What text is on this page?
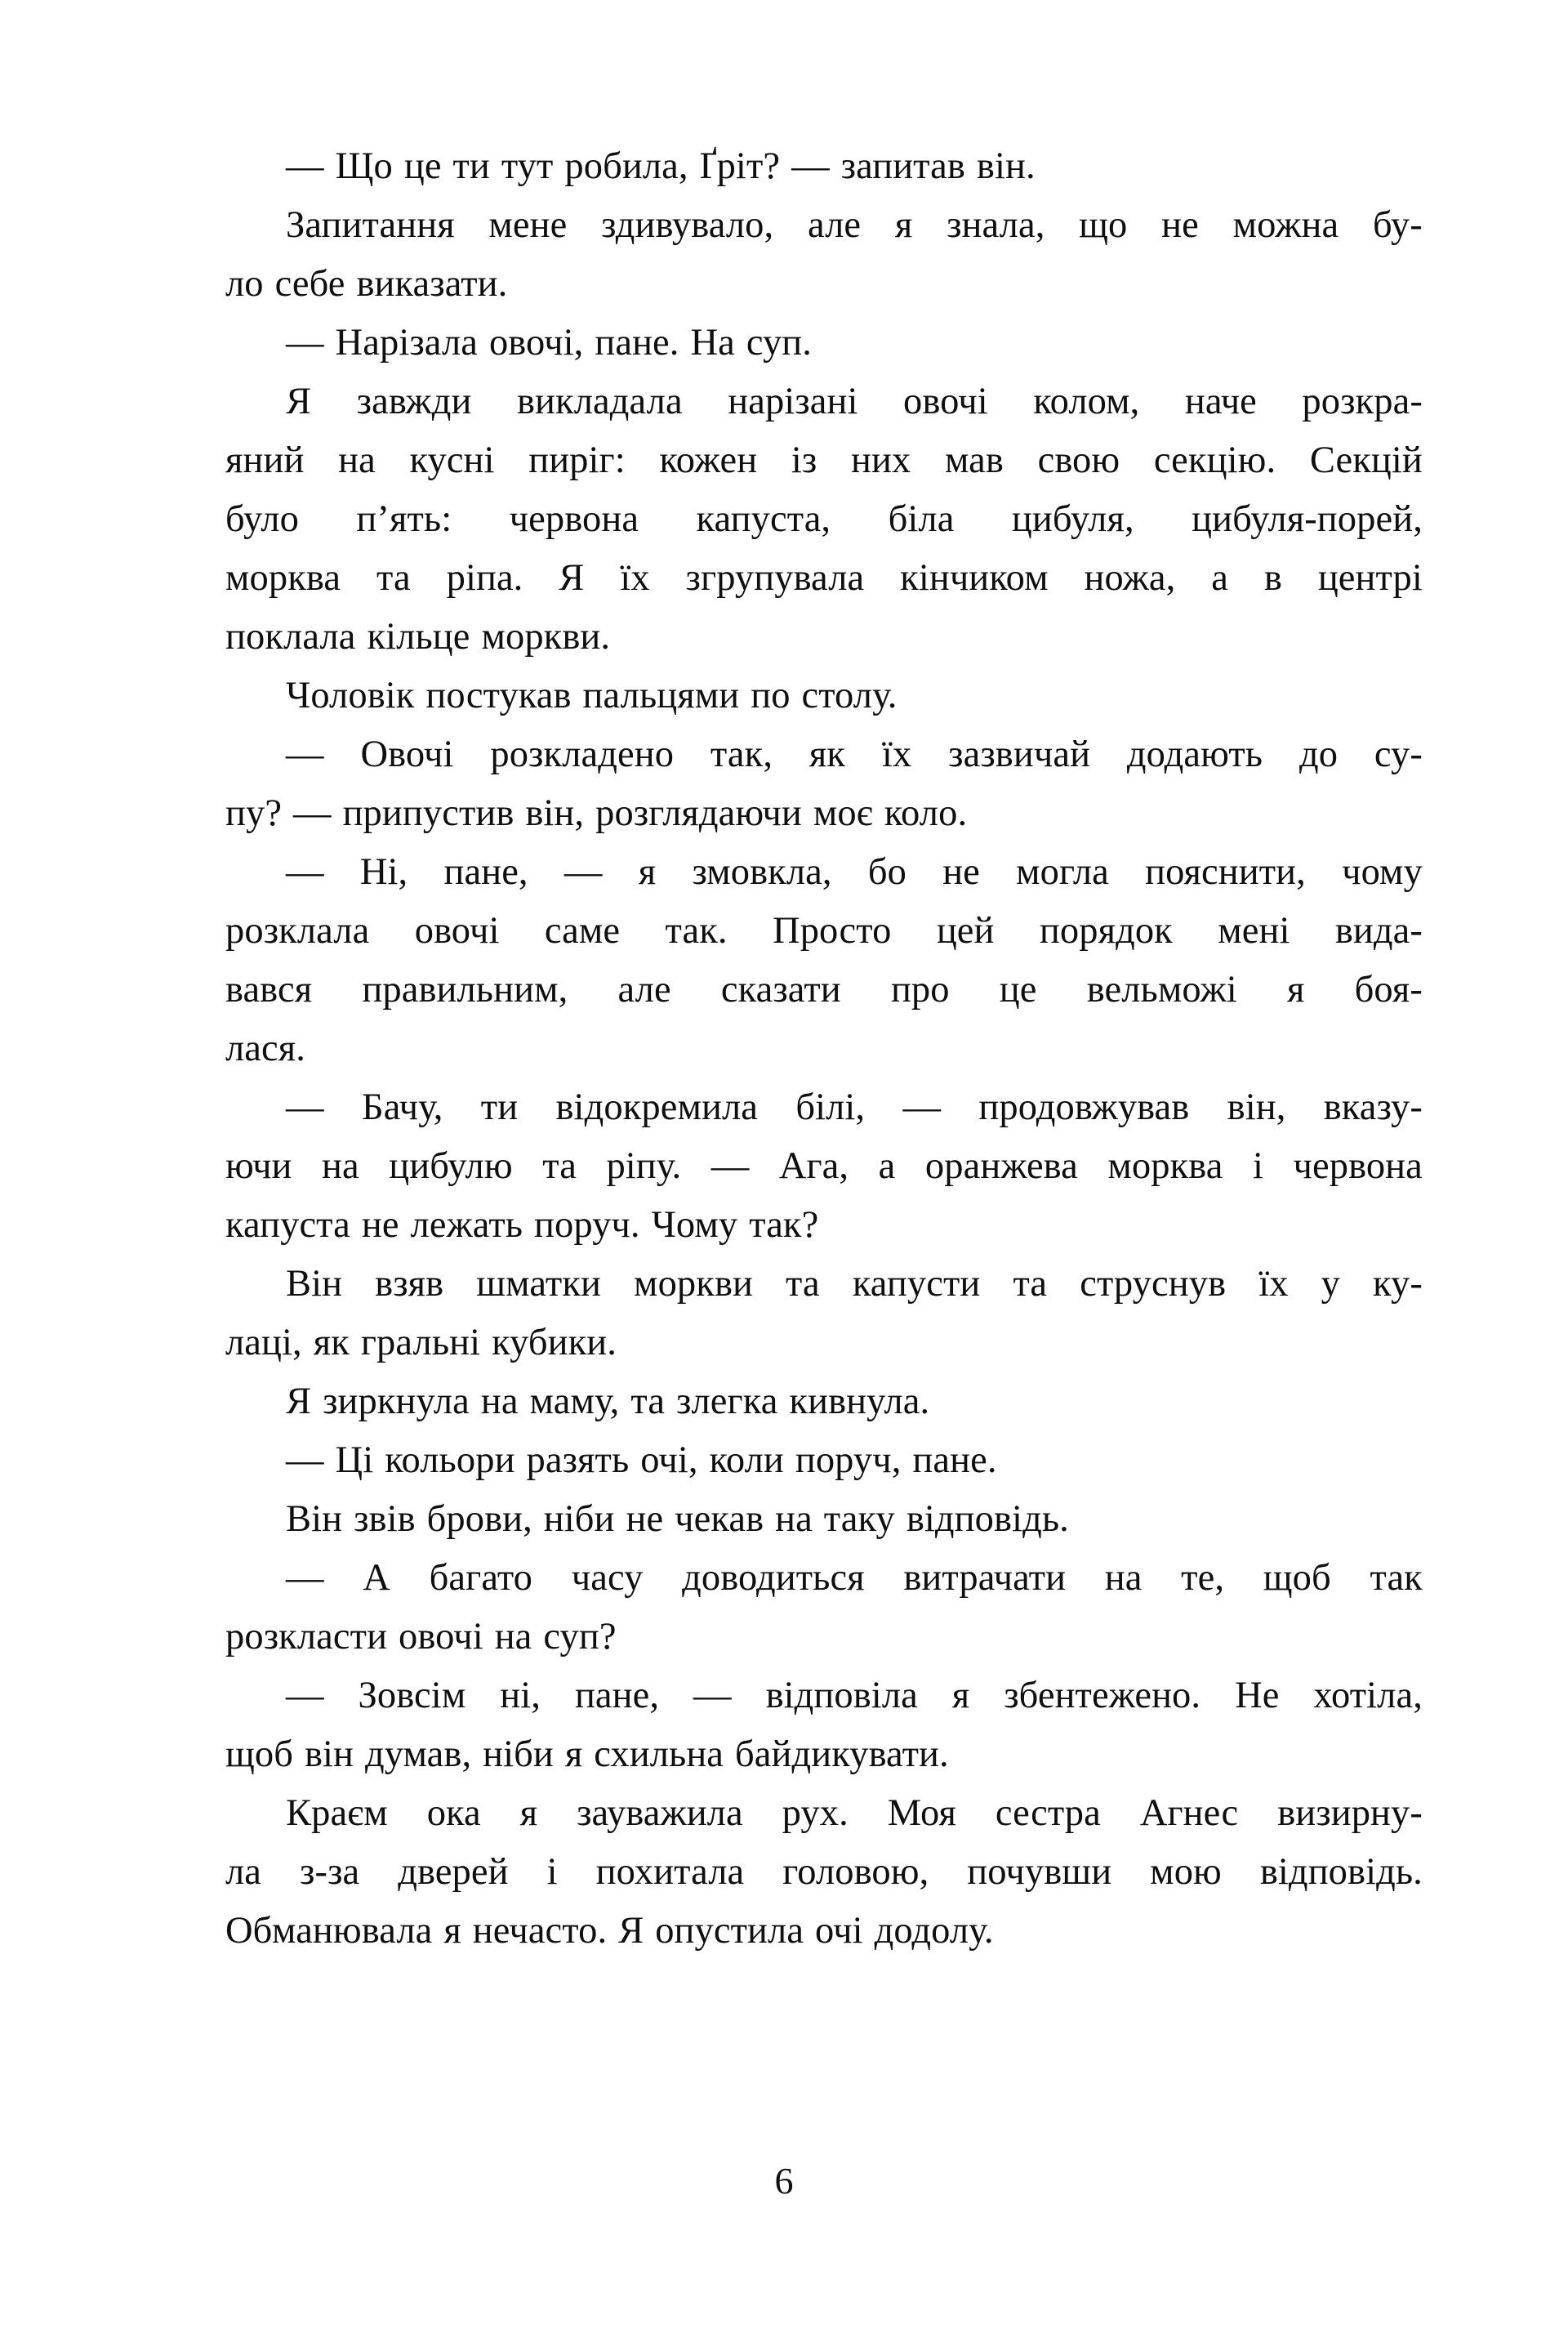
— Що це ти тут робила, Ґріт? — запитав він.

Запитання мене здивувало, але я знала, що не можна бу-
ло себе виказати.

— Нарізала овочі, пане. На суп.

Я завжди викладала нарізані овочі колом, наче розкра-
яний на кусні пиріг: кожен із них мав свою секцію. Секцій
було п’ять: червона капуста, біла цибуля, цибуля-порей,
морква та ріпа. Я їх згрупувала кінчиком ножа, а в центрі
поклала кільце моркви.

Чоловік постукав пальцями по столу.

— Овочі розкладено так, як їх зазвичай додають до су-
пу? — припустив він, розглядаючи моє коло.

— Ні, пане, — я змовкла, бо не могла пояснити, чому
розклала овочі саме так. Просто цей порядок мені вида-
вався правильним, але сказати про це вельможі я боя-
лася.

— Бачу, ти відокремила білі, — продовжував він, вказу-
ючи на цибулю та ріпу. — Ага, а оранжева морква і червона
капуста не лежать поруч. Чому так?

Він взяв шматки моркви та капусти та струснув їх у ку-
лаці, як гральні кубики.

Я зиркнула на маму, та злегка кивнула.

— Ці кольори разять очі, коли поруч, пане.

Він звів брови, ніби не чекав на таку відповідь.

— А багато часу доводиться витрачати на те, щоб так
розкласти овочі на суп?

— Зовсім ні, пане, — відповіла я збентежено. Не хотіла,
щоб він думав, ніби я схильна байдикувати.

Краєм ока я зауважила рух. Моя сестра Агнес визирну-
ла з-за дверей і похитала головою, почувши мою відповідь.
Обманювала я нечасто. Я опустила очі додолу.

6
